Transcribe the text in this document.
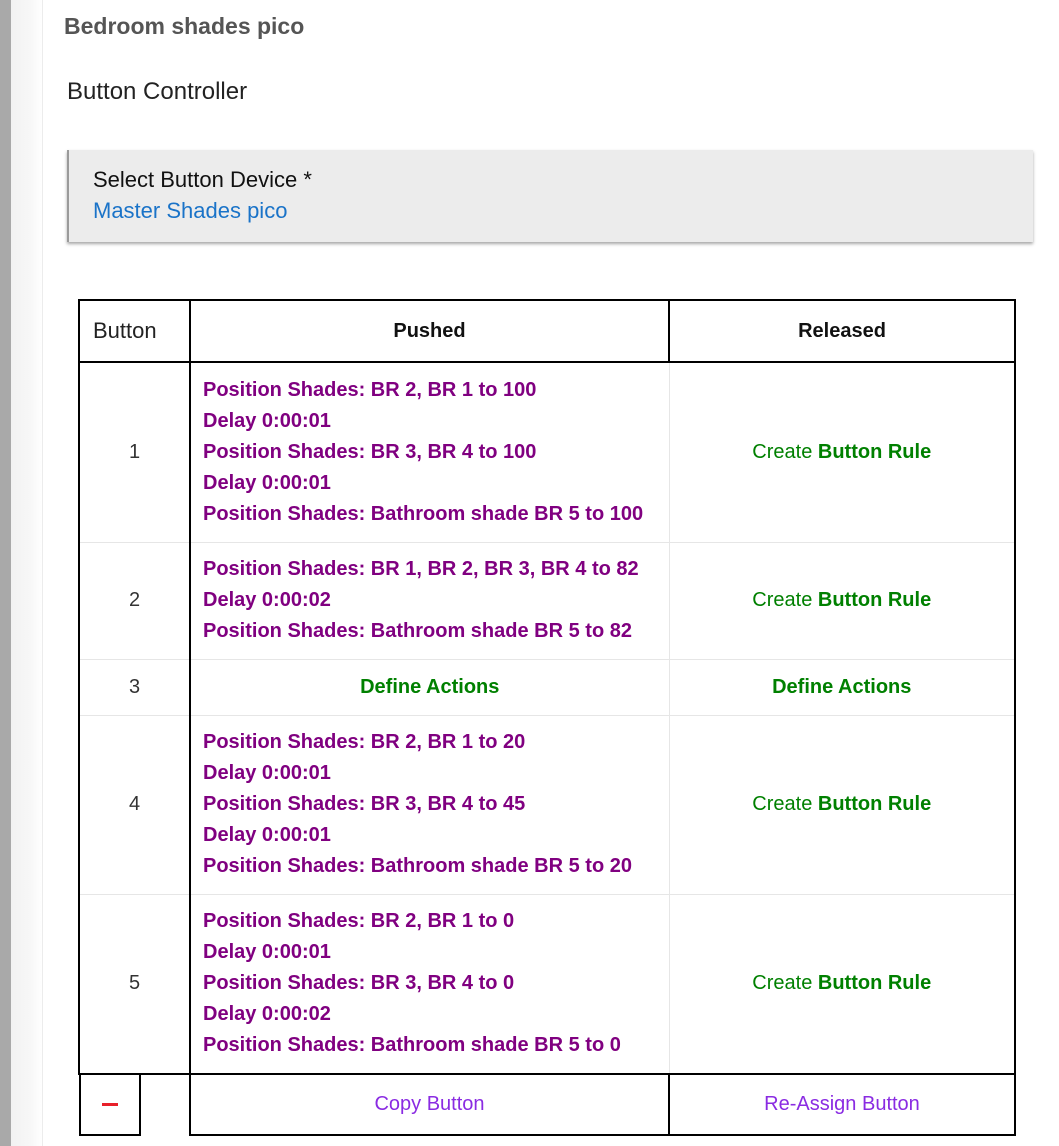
Bedroom shades pico
Button Controller
Select Button Device *
Master Shades pico
Button	Pushed	Released
1	Position Shades: BR 2, BR 1 to 100
Delay 0:00:01
Position Shades: BR 3, BR 4 to 100
Delay 0:00:01
Position Shades: Bathroom shade BR 5 to 100	Create Button Rule
2	Position Shades: BR 1, BR 2, BR 3, BR 4 to 82
Delay 0:00:02
Position Shades: Bathroom shade BR 5 to 82	Create Button Rule
3	Define Actions	Define Actions
4	Position Shades: BR 2, BR 1 to 20
Delay 0:00:01
Position Shades: BR 3, BR 4 to 45
Delay 0:00:01
Position Shades: Bathroom shade BR 5 to 20	Create Button Rule
5	Position Shades: BR 2, BR 1 to 0
Delay 0:00:01
Position Shades: BR 3, BR 4 to 0
Delay 0:00:02
Position Shades: Bathroom shade BR 5 to 0	Create Button Rule

	Copy Button	Re-Assign Button
